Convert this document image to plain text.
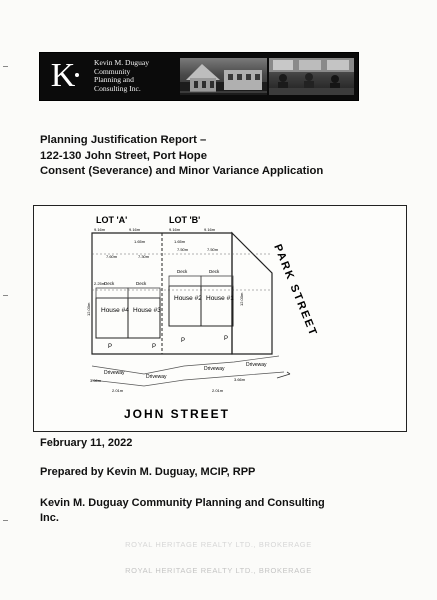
K	Kevin M. Duguay
Community
Planning and
Consulting Inc.
Planning Justification Report –
122-130 John Street, Port Hope
Consent (Severance) and Minor Variance Application
LOT 'A'	LOT 'B'
PARK STREET
JOHN STREET
House #4 House #3
House #2 House #1
Deck	Deck
Deck	Deck
P	P
P	P
9.16m	9.16m	9.16m	9.16m
1.65m	1.65m
7.60m	7.30m
7.50m	7.50m
12.00m
12.00m
2.25m
Driveway
Driveway
Driveway
Driveway
3.66m	3.66m
2.01m	2.01m
February 11, 2022
Prepared by Kevin M. Duguay, MCIP, RPP
Kevin M. Duguay Community Planning and Consulting Inc.
ROYAL HERITAGE REALTY LTD., BROKERAGE
ROYAL HERITAGE REALTY LTD., BROKERAGE
